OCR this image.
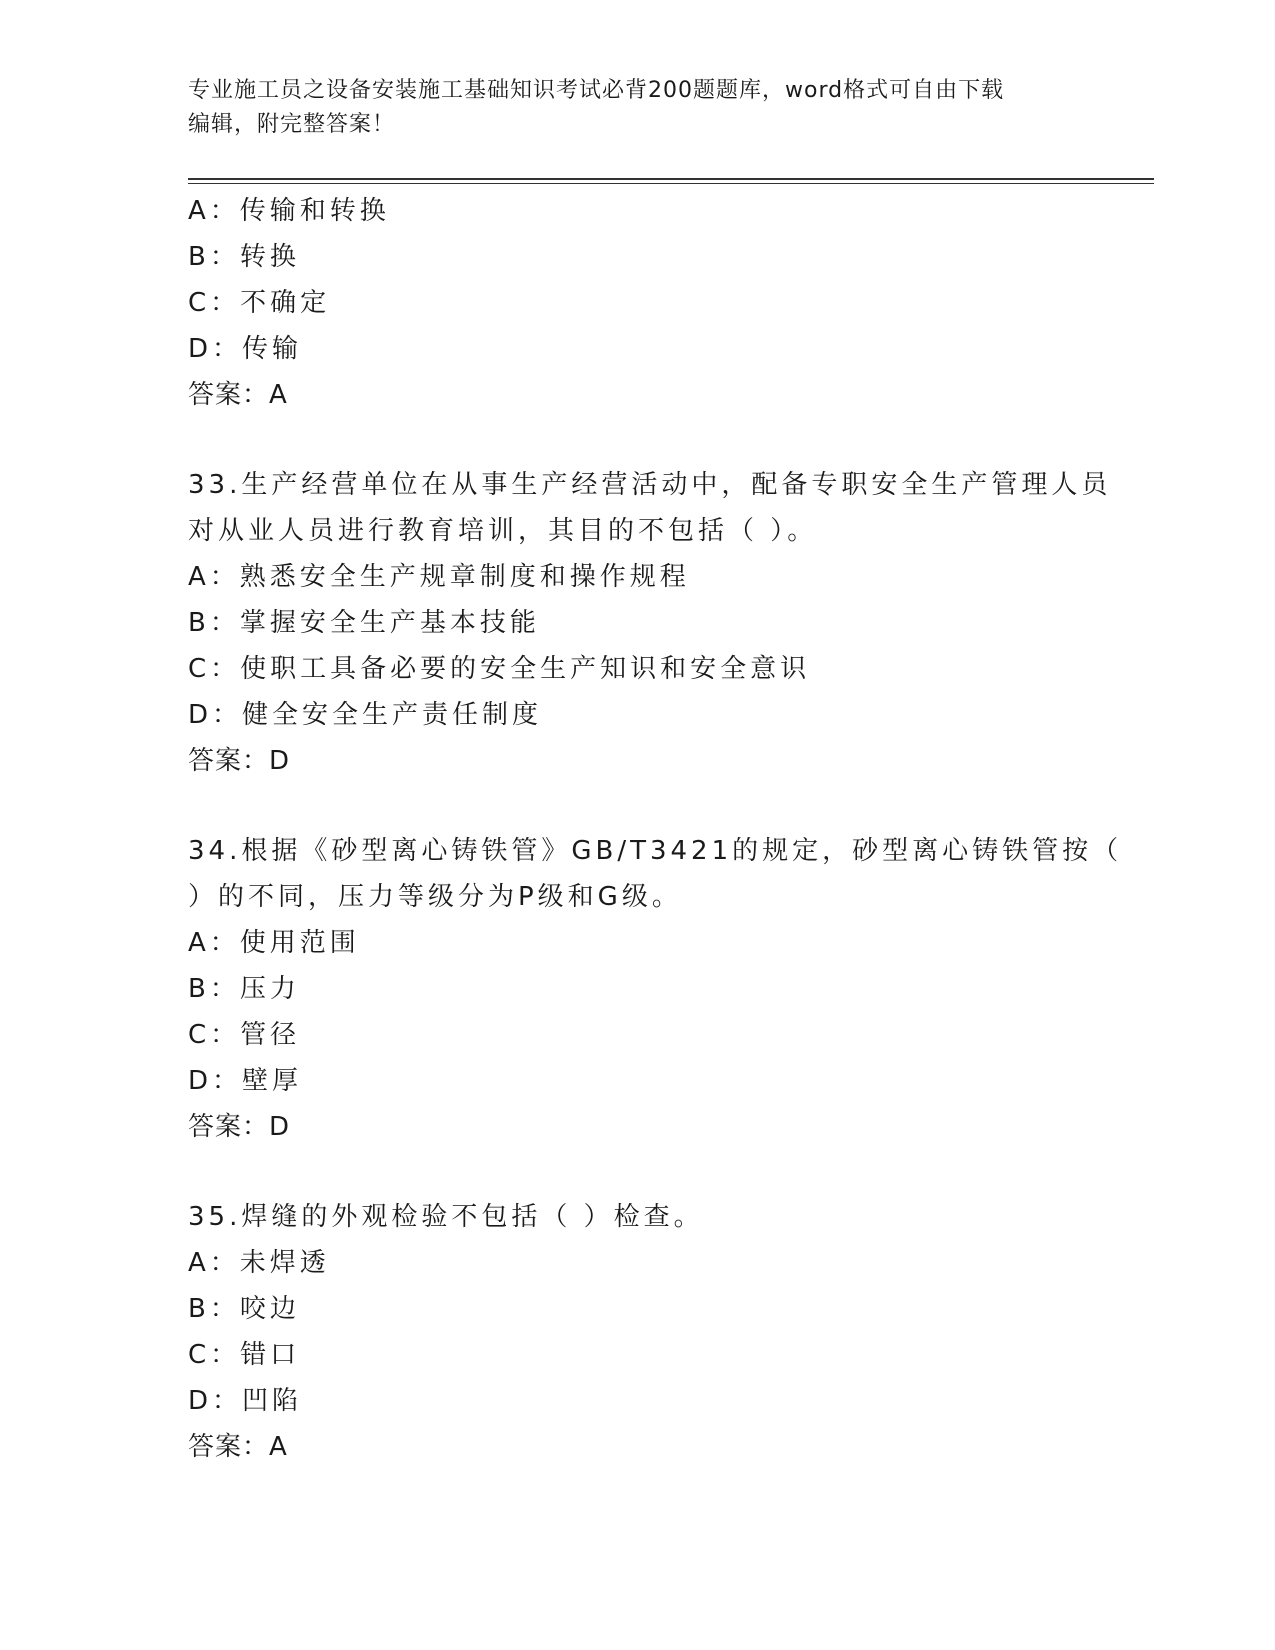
专业施工员之设备安装施工基础知识考试必背200题题库，word格式可自由下载
编辑，附完整答案！
A：传输和转换
B：转换
C：不确定
D：传输
答案：A
33.生产经营单位在从事生产经营活动中，配备专职安全生产管理人员
对从业人员进行教育培训，其目的不包括（ ）。
A：熟悉安全生产规章制度和操作规程
B：掌握安全生产基本技能
C：使职工具备必要的安全生产知识和安全意识
D：健全安全生产责任制度
答案：D
34.根据《砂型离心铸铁管》GB/T3421的规定，砂型离心铸铁管按（
）的不同，压力等级分为P级和G级。
A：使用范围
B：压力
C：管径
D：壁厚
答案：D
35.焊缝的外观检验不包括（ ）检查。
A：未焊透
B：咬边
C：错口
D：凹陷
答案：A
